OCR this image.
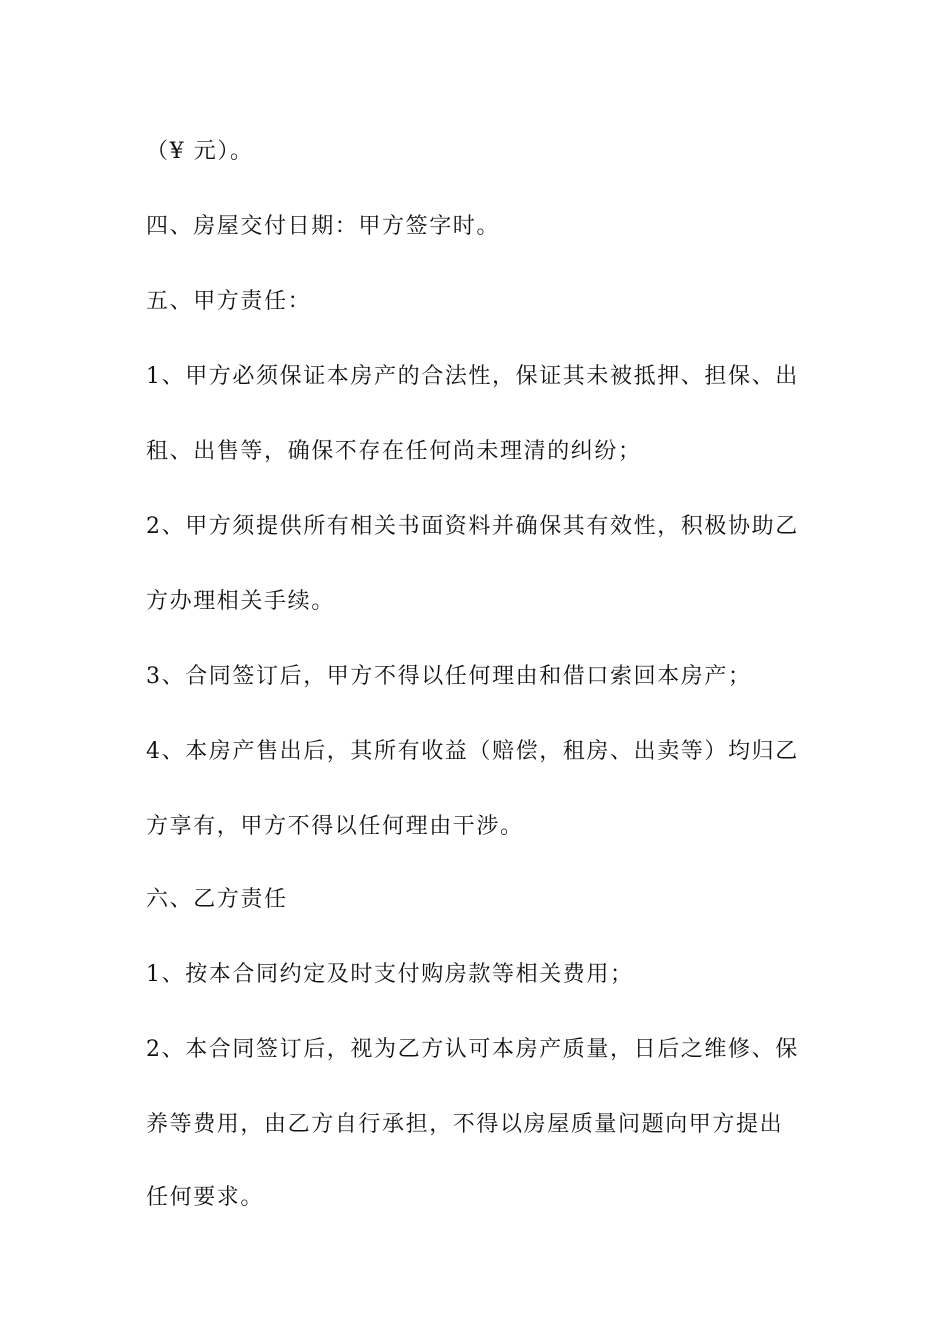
（¥ 元）。
四、房屋交付日期：甲方签字时。
五、甲方责任：
1、甲方必须保证本房产的合法性，保证其未被抵押、担保、出
租、出售等，确保不存在任何尚未理清的纠纷；
2、甲方须提供所有相关书面资料并确保其有效性，积极协助乙
方办理相关手续。
3、合同签订后，甲方不得以任何理由和借口索回本房产；
4、本房产售出后，其所有收益（赔偿，租房、出卖等）均归乙
方享有，甲方不得以任何理由干涉。
六、乙方责任
1、按本合同约定及时支付购房款等相关费用；
2、本合同签订后，视为乙方认可本房产质量，日后之维修、保
养等费用，由乙方自行承担，不得以房屋质量问题向甲方提出
任何要求。
